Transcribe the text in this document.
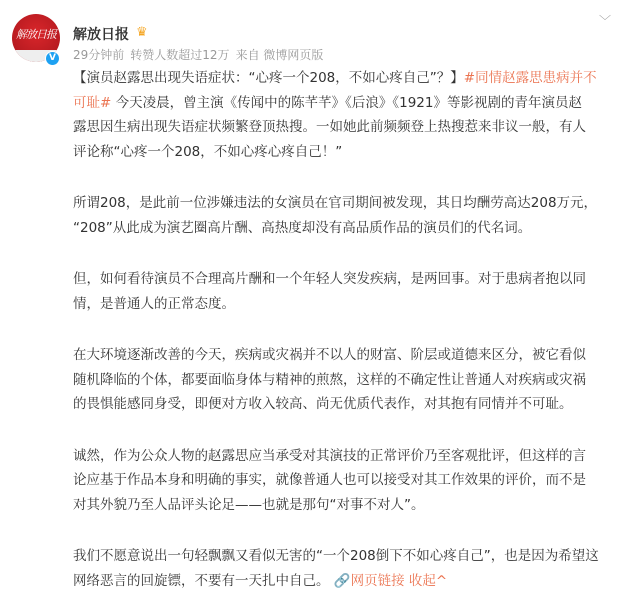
解放日报
V
解放日报 ♛
29分钟前 转赞人数超过12万 来自 微博网页版
﹀
【演员赵露思出现失语症状：“心疼一个208，不如心疼自己”？】#同情赵露思患病并不
可耻# 今天凌晨，曾主演《传闻中的陈芊芊》《后浪》《1921》等影视剧的青年演员赵
露思因生病出现失语症状频繁登顶热搜。一如她此前频频登上热搜惹来非议一般，有人
评论称“心疼一个208，不如心疼心疼自己！”
所谓208，是此前一位涉嫌违法的女演员在官司期间被发现，其日均酬劳高达208万元，
“208”从此成为演艺圈高片酬、高热度却没有高品质作品的演员们的代名词。
但，如何看待演员不合理高片酬和一个年轻人突发疾病，是两回事。对于患病者抱以同
情，是普通人的正常态度。
在大环境逐渐改善的今天，疾病或灾祸并不以人的财富、阶层或道德来区分，被它看似
随机降临的个体，都要面临身体与精神的煎熬，这样的不确定性让普通人对疾病或灾祸
的畏惧能感同身受，即便对方收入较高、尚无优质代表作，对其抱有同情并不可耻。
诚然，作为公众人物的赵露思应当承受对其演技的正常评价乃至客观批评，但这样的言
论应基于作品本身和明确的事实，就像普通人也可以接受对其工作效果的评价，而不是
对其外貌乃至人品评头论足——也就是那句“对事不对人”。
我们不愿意说出一句轻飘飘又看似无害的“一个208倒下不如心疼自己”，也是因为希望这
网络恶言的回旋镖，不要有一天扎中自己。 🔗网页链接 收起^
